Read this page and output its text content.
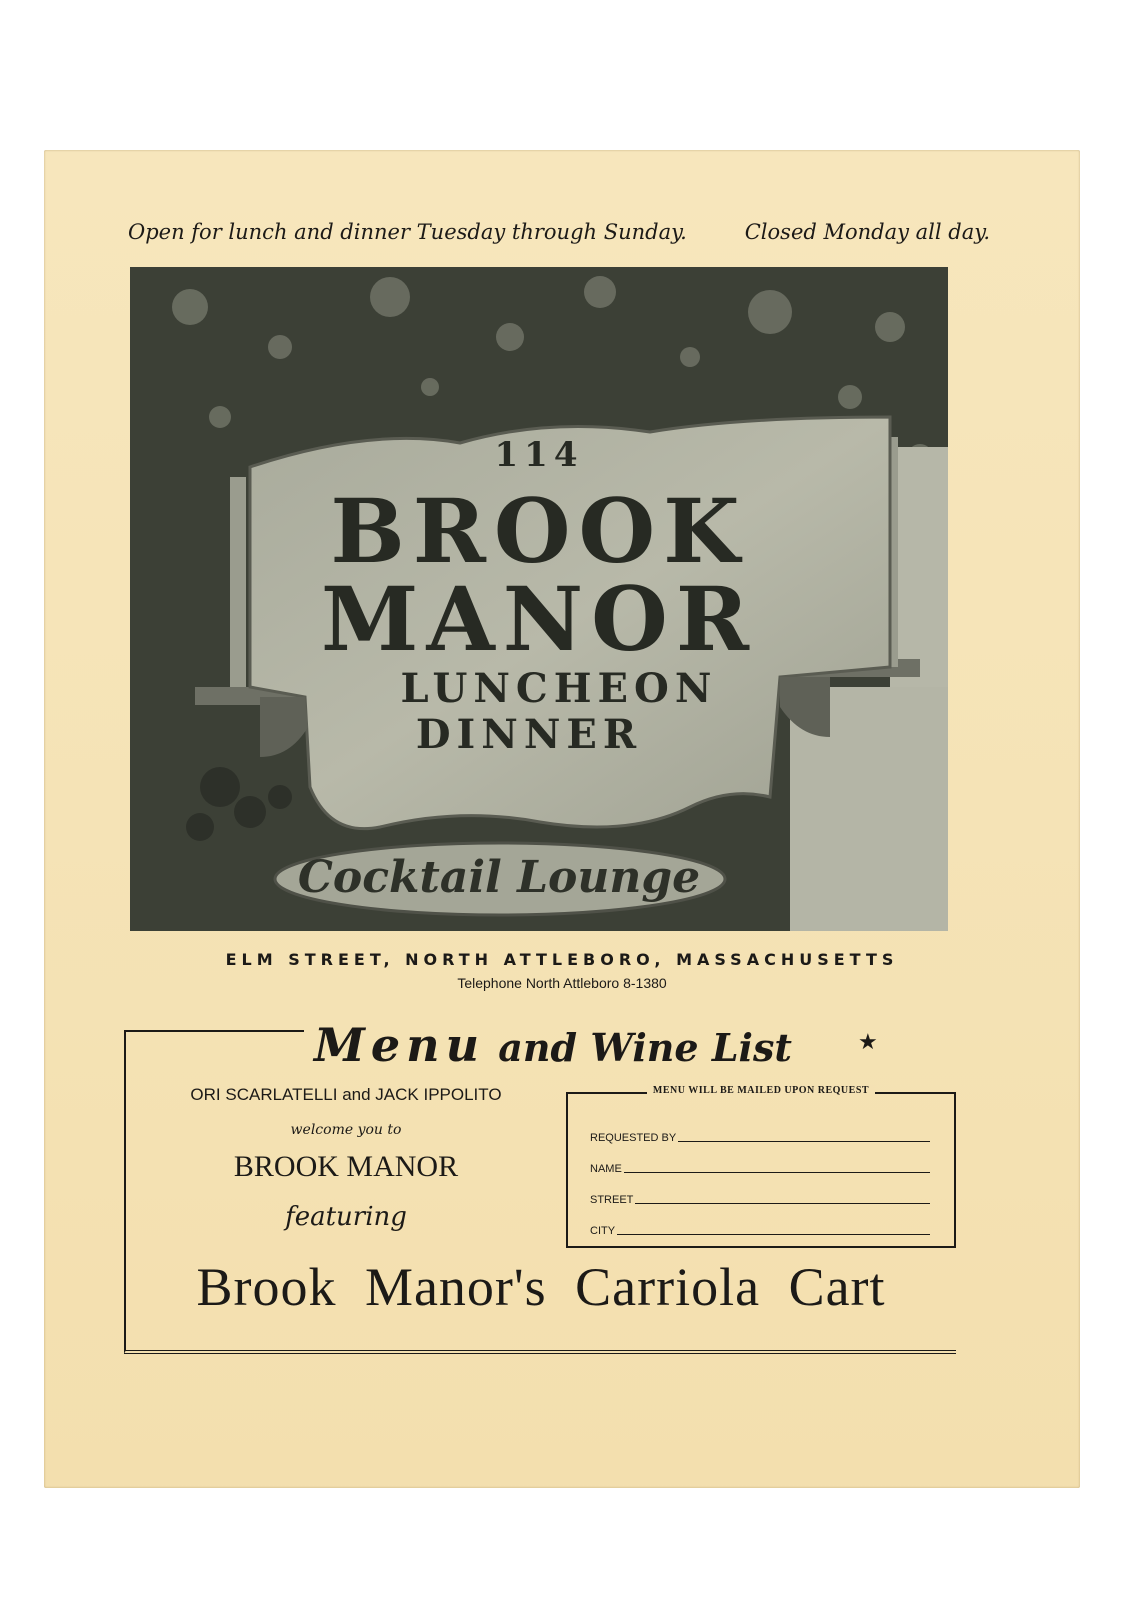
Open for lunch and dinner Tuesday through Sunday.	Closed Monday all day.
114
BROOK
MANOR
LUNCHEON
DINNER
Cocktail Lounge
ELM STREET, NORTH ATTLEBORO, MASSACHUSETTS
Telephone North Attleboro 8-1380
Menu and Wine List	★
ORI SCARLATELLI and JACK IPPOLITO
welcome you to
BROOK MANOR
featuring
MENU WILL BE MAILED UPON REQUEST
REQUESTED BY
NAME
STREET
CITY
Brook Manor's Carriola Cart
